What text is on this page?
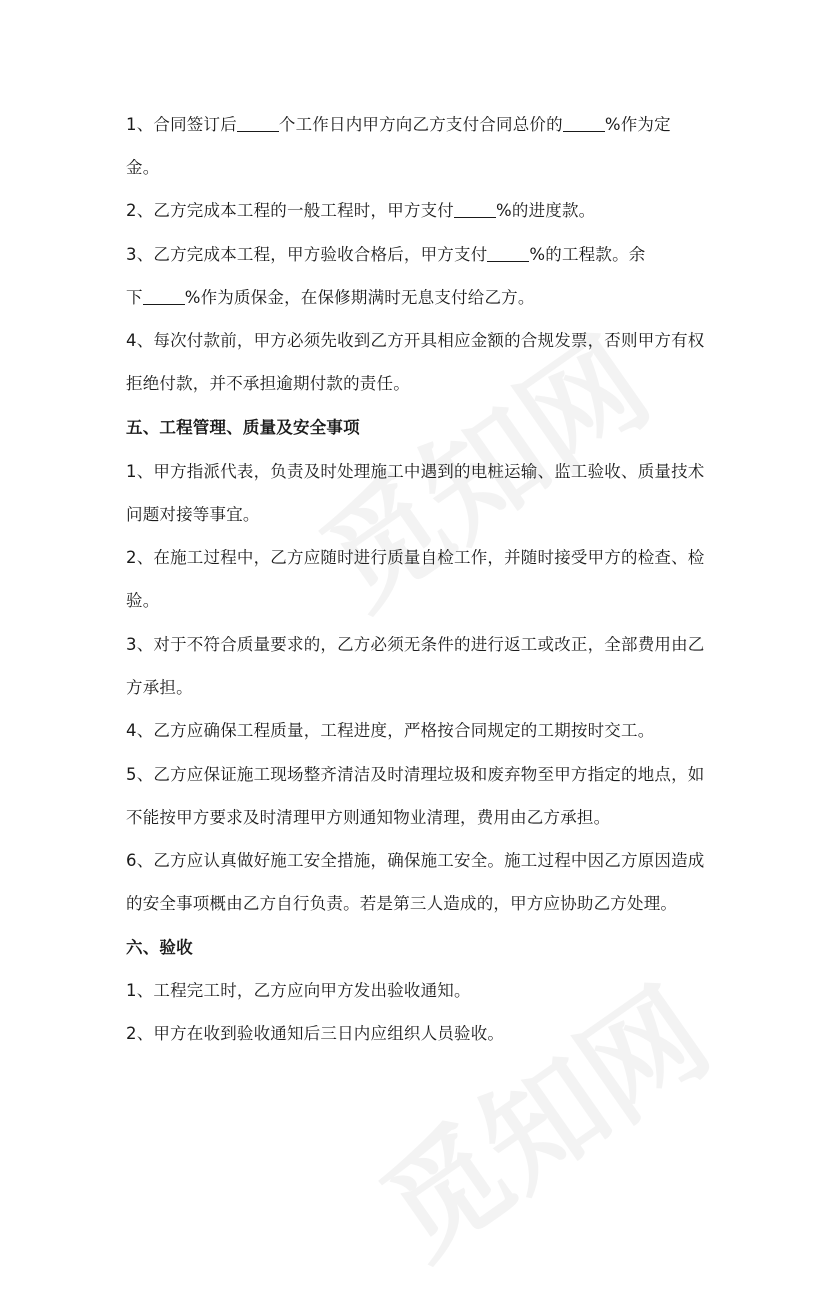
1、合同签订后	个工作日内甲方向乙方支付合同总价的	%作为定
金。
2、乙方完成本工程的一般工程时，甲方支付	%的进度款。
3、乙方完成本工程，甲方验收合格后，甲方支付	%的工程款。余
下	%作为质保金，在保修期满时无息支付给乙方。
4、每次付款前，甲方必须先收到乙方开具相应金额的合规发票，否则甲方有权
拒绝付款，并不承担逾期付款的责任。
五、工程管理、质量及安全事项
1、甲方指派代表，负责及时处理施工中遇到的电桩运输、监工验收、质量技术
问题对接等事宜。
2、在施工过程中，乙方应随时进行质量自检工作，并随时接受甲方的检查、检
验。
3、对于不符合质量要求的，乙方必须无条件的进行返工或改正，全部费用由乙
方承担。
4、乙方应确保工程质量，工程进度，严格按合同规定的工期按时交工。
5、乙方应保证施工现场整齐清洁及时清理垃圾和废弃物至甲方指定的地点，如
不能按甲方要求及时清理甲方则通知物业清理，费用由乙方承担。
6、乙方应认真做好施工安全措施，确保施工安全。施工过程中因乙方原因造成
的安全事项概由乙方自行负责。若是第三人造成的，甲方应协助乙方处理。
六、验收
1、工程完工时，乙方应向甲方发出验收通知。
2、甲方在收到验收通知后三日内应组织人员验收。
